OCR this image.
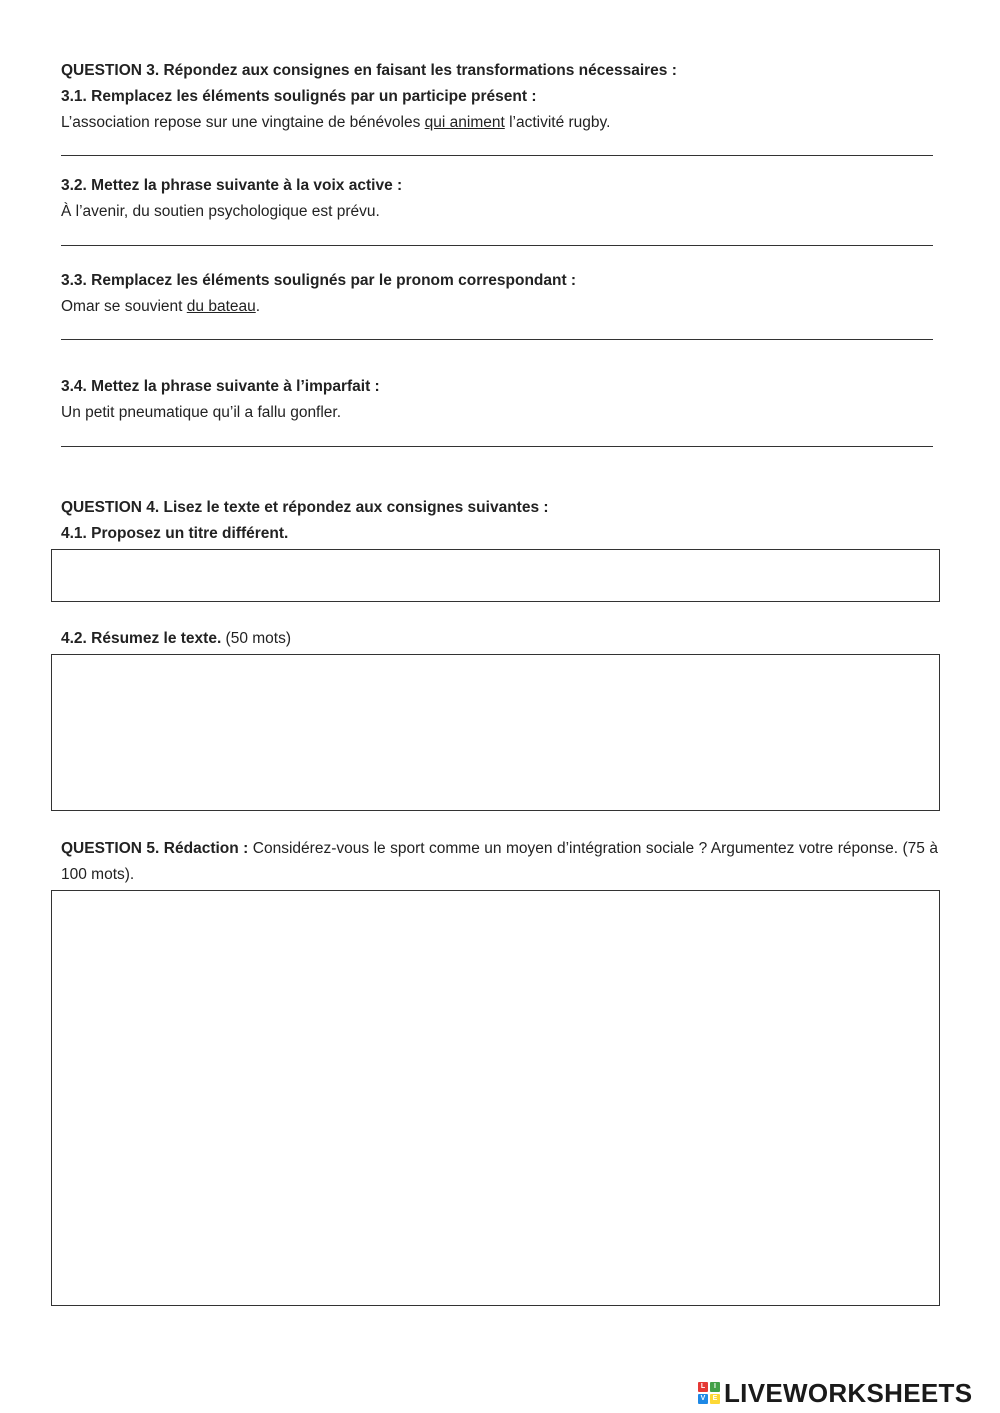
QUESTION 3. Répondez aux consignes en faisant les transformations nécessaires :
3.1. Remplacez les éléments soulignés par un participe présent :
L’association repose sur une vingtaine de bénévoles qui animent l’activité rugby.
3.2. Mettez la phrase suivante à la voix active :
À l’avenir, du soutien psychologique est prévu.
3.3. Remplacez les éléments soulignés par le pronom correspondant :
Omar se souvient du bateau.
3.4. Mettez la phrase suivante à l’imparfait :
Un petit pneumatique qu’il a fallu gonfler.
QUESTION 4. Lisez le texte et répondez aux consignes suivantes :
4.1. Proposez un titre différent.
4.2. Résumez le texte. (50 mots)
QUESTION 5. Rédaction : Considérez-vous le sport comme un moyen d’intégration sociale ? Argumentez votre réponse. (75 à 100 mots).
L	I
V	E LIVEWORKSHEETS
